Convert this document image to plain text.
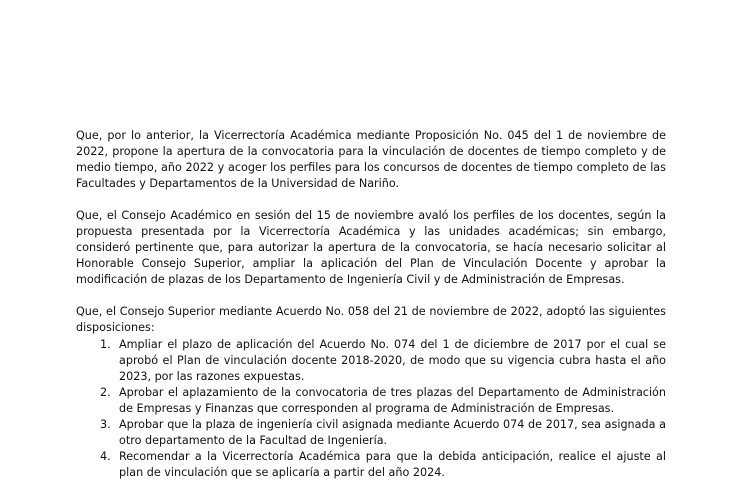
Que, por lo anterior, la Vicerrectoría Académica mediante Proposición No. 045 del 1 de noviembre de 2022, propone la apertura de la convocatoria para la vinculación de docentes de tiempo completo y de medio tiempo, año 2022 y acoger los perfiles para los concursos de docentes de tiempo completo de las Facultades y Departamentos de la Universidad de Nariño.

Que, el Consejo Académico en sesión del 15 de noviembre avaló los perfiles de los docentes, según la propuesta presentada por la Vicerrectoría Académica y las unidades académicas; sin embargo, consideró pertinente que, para autorizar la apertura de la convocatoria, se hacía necesario solicitar al Honorable Consejo Superior, ampliar la aplicación del Plan de Vinculación Docente y aprobar la modificación de plazas de los Departamento de Ingeniería Civil y de Administración de Empresas.

Que, el Consejo Superior mediante Acuerdo No. 058 del 21 de noviembre de 2022, adoptó las siguientes disposiciones:

1. Ampliar el plazo de aplicación del Acuerdo No. 074 del 1 de diciembre de 2017 por el cual se aprobó el Plan de vinculación docente 2018-2020, de modo que su vigencia cubra hasta el año 2023, por las razones expuestas.
2. Aprobar el aplazamiento de la convocatoria de tres plazas del Departamento de Administración de Empresas y Finanzas que corresponden al programa de Administración de Empresas.
3. Aprobar que la plaza de ingeniería civil asignada mediante Acuerdo 074 de 2017, sea asignada a otro departamento de la Facultad de Ingeniería.
4. Recomendar a la Vicerrectoría Académica para que la debida anticipación, realice el ajuste al plan de vinculación que se aplicaría a partir del año 2024.
